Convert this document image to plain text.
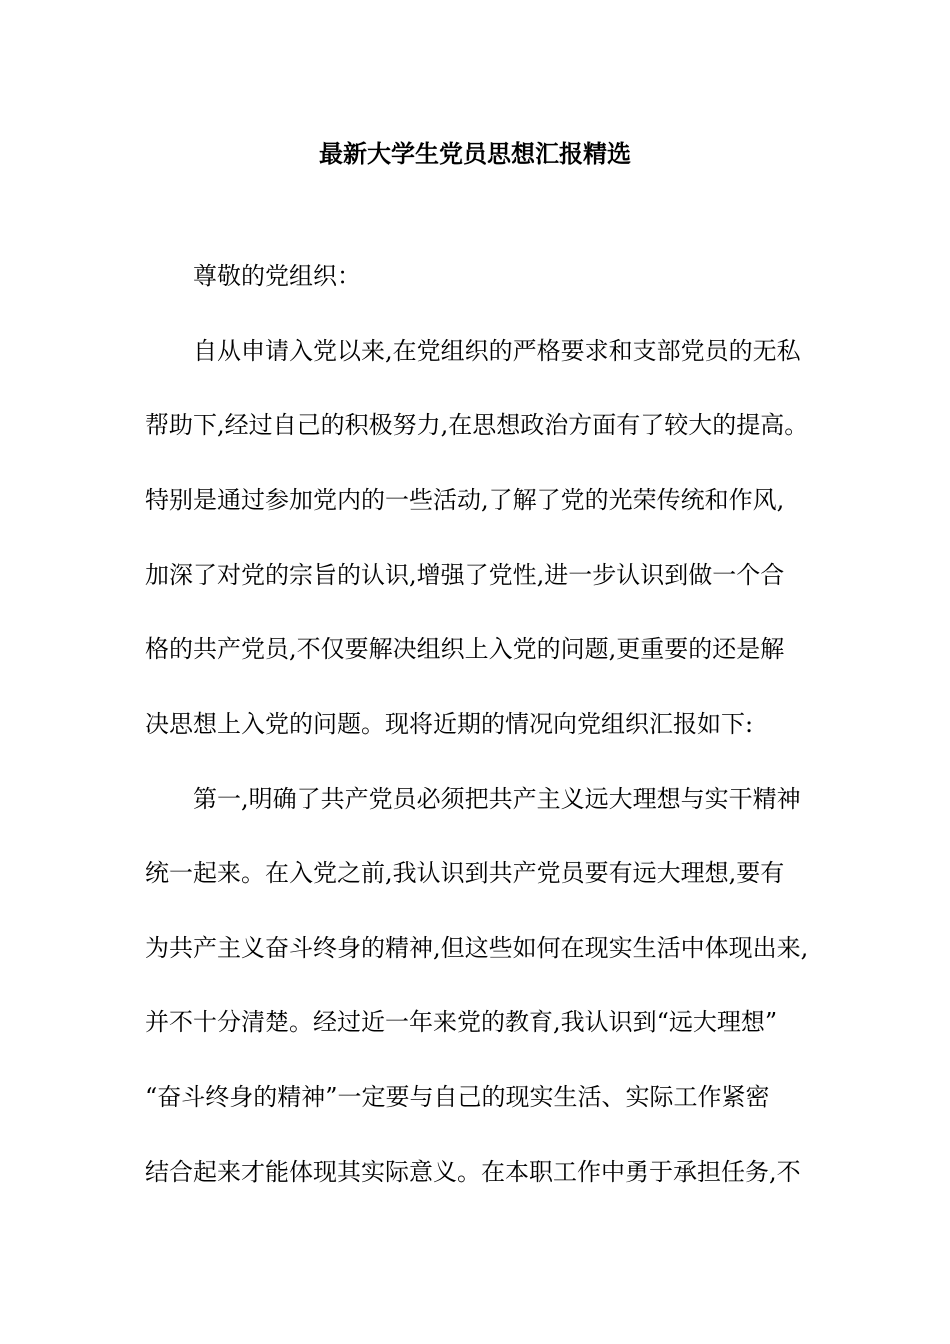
最新大学生党员思想汇报精选

尊敬的党组织：

自从申请入党以来,在党组织的严格要求和支部党员的无私

帮助下,经过自己的积极努力,在思想政治方面有了较大的提高。

特别是通过参加党内的一些活动,了解了党的光荣传统和作风,

加深了对党的宗旨的认识,增强了党性,进一步认识到做一个合

格的共产党员,不仅要解决组织上入党的问题,更重要的还是解

决思想上入党的问题。现将近期的情况向党组织汇报如下:

第一,明确了共产党员必须把共产主义远大理想与实干精神

统一起来。在入党之前,我认识到共产党员要有远大理想,要有

为共产主义奋斗终身的精神,但这些如何在现实生活中体现出来,

并不十分清楚。经过近一年来党的教育,我认识到“远大理想”

“奋斗终身的精神”一定要与自己的现实生活、实际工作紧密

结合起来才能体现其实际意义。在本职工作中勇于承担任务,不
